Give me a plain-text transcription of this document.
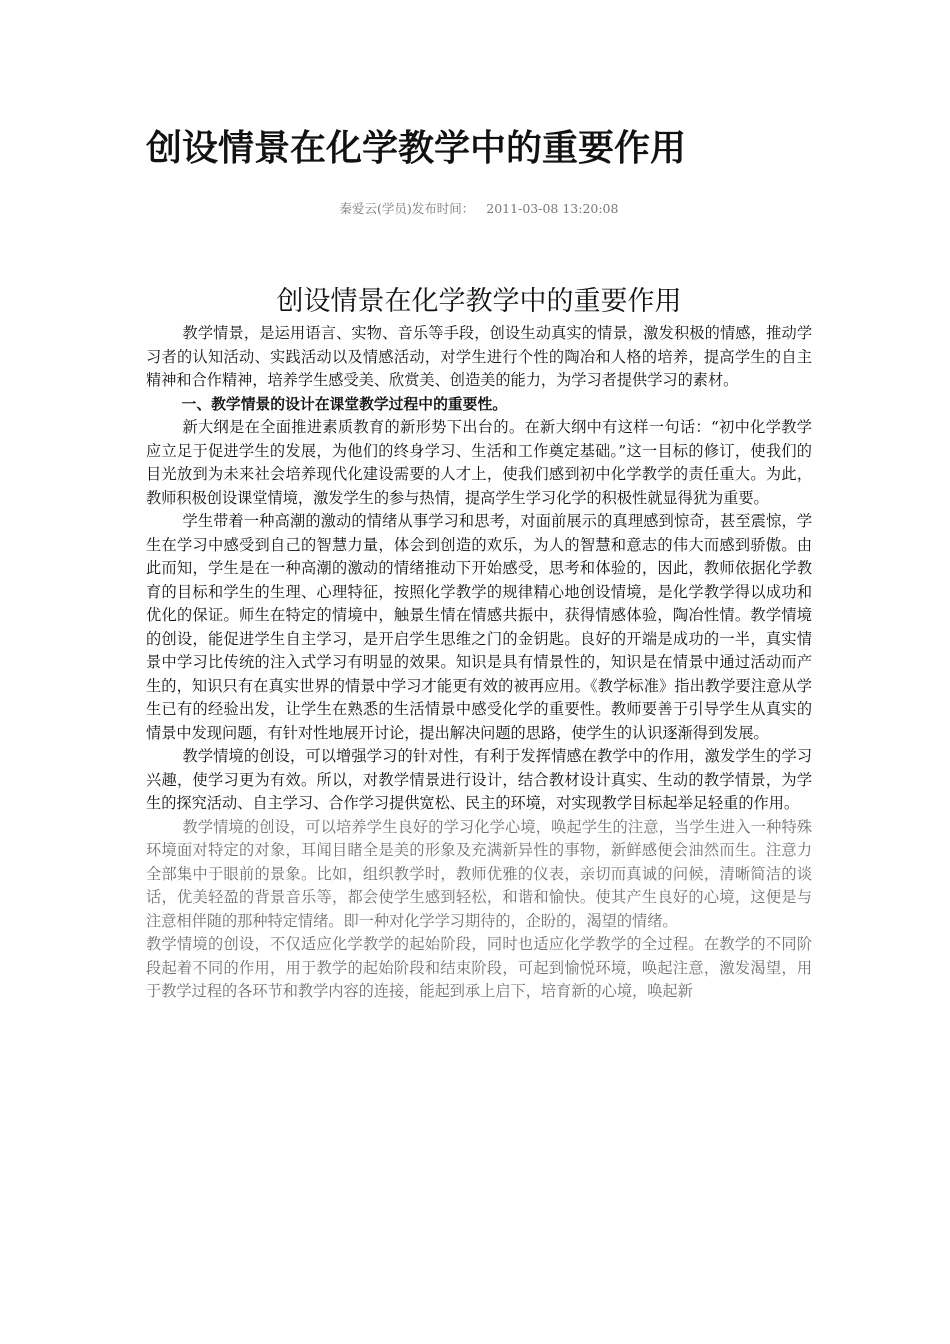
创设情景在化学教学中的重要作用
秦爱云(学员)发布时间： 2011-03-08 13:20:08
创设情景在化学教学中的重要作用

教学情景，是运用语言、实物、音乐等手段，创设生动真实的情景，激发积极的情感，推动学习者的认知活动、实践活动以及情感活动，对学生进行个性的陶冶和人格的培养，提高学生的自主精神和合作精神，培养学生感受美、欣赏美、创造美的能力，为学习者提供学习的素材。

一、教学情景的设计在课堂教学过程中的重要性。

新大纲是在全面推进素质教育的新形势下出台的。在新大纲中有这样一句话：“初中化学教学应立足于促进学生的发展，为他们的终身学习、生活和工作奠定基础。”这一目标的修订，使我们的目光放到为未来社会培养现代化建设需要的人才上，使我们感到初中化学教学的责任重大。为此，教师积极创设课堂情境，激发学生的参与热情，提高学生学习化学的积极性就显得犹为重要。

学生带着一种高潮的激动的情绪从事学习和思考，对面前展示的真理感到惊奇，甚至震惊，学生在学习中感受到自己的智慧力量，体会到创造的欢乐，为人的智慧和意志的伟大而感到骄傲。由此而知，学生是在一种高潮的激动的情绪推动下开始感受，思考和体验的，因此，教师依据化学教育的目标和学生的生理、心理特征，按照化学教学的规律精心地创设情境，是化学教学得以成功和优化的保证。师生在特定的情境中，触景生情在情感共振中，获得情感体验，陶冶性情。教学情境的创设，能促进学生自主学习，是开启学生思维之门的金钥匙。良好的开端是成功的一半，真实情景中学习比传统的注入式学习有明显的效果。知识是具有情景性的，知识是在情景中通过活动而产生的，知识只有在真实世界的情景中学习才能更有效的被再应用。《教学标准》指出教学要注意从学生已有的经验出发，让学生在熟悉的生活情景中感受化学的重要性。教师要善于引导学生从真实的情景中发现问题，有针对性地展开讨论，提出解决问题的思路，使学生的认识逐渐得到发展。

教学情境的创设，可以增强学习的针对性，有利于发挥情感在教学中的作用，激发学生的学习兴趣，使学习更为有效。所以，对教学情景进行设计，结合教材设计真实、生动的教学情景，为学生的探究活动、自主学习、合作学习提供宽松、民主的环境，对实现教学目标起举足轻重的作用。

教学情境的创设，可以培养学生良好的学习化学心境，唤起学生的注意，当学生进入一种特殊环境面对特定的对象，耳闻目睹全是美的形象及充满新异性的事物，新鲜感便会油然而生。注意力全部集中于眼前的景象。比如，组织教学时，教师优雅的仪表，亲切而真诚的问候，清晰简洁的谈话，优美轻盈的背景音乐等，都会使学生感到轻松，和谐和愉快。使其产生良好的心境，这便是与注意相伴随的那种特定情绪。即一种对化学学习期待的，企盼的，渴望的情绪。

教学情境的创设，不仅适应化学教学的起始阶段，同时也适应化学教学的全过程。在教学的不同阶段起着不同的作用，用于教学的起始阶段和结束阶段，可起到愉悦环境，唤起注意，激发渴望，用于教学过程的各环节和教学内容的连接，能起到承上启下，培育新的心境，唤起新
